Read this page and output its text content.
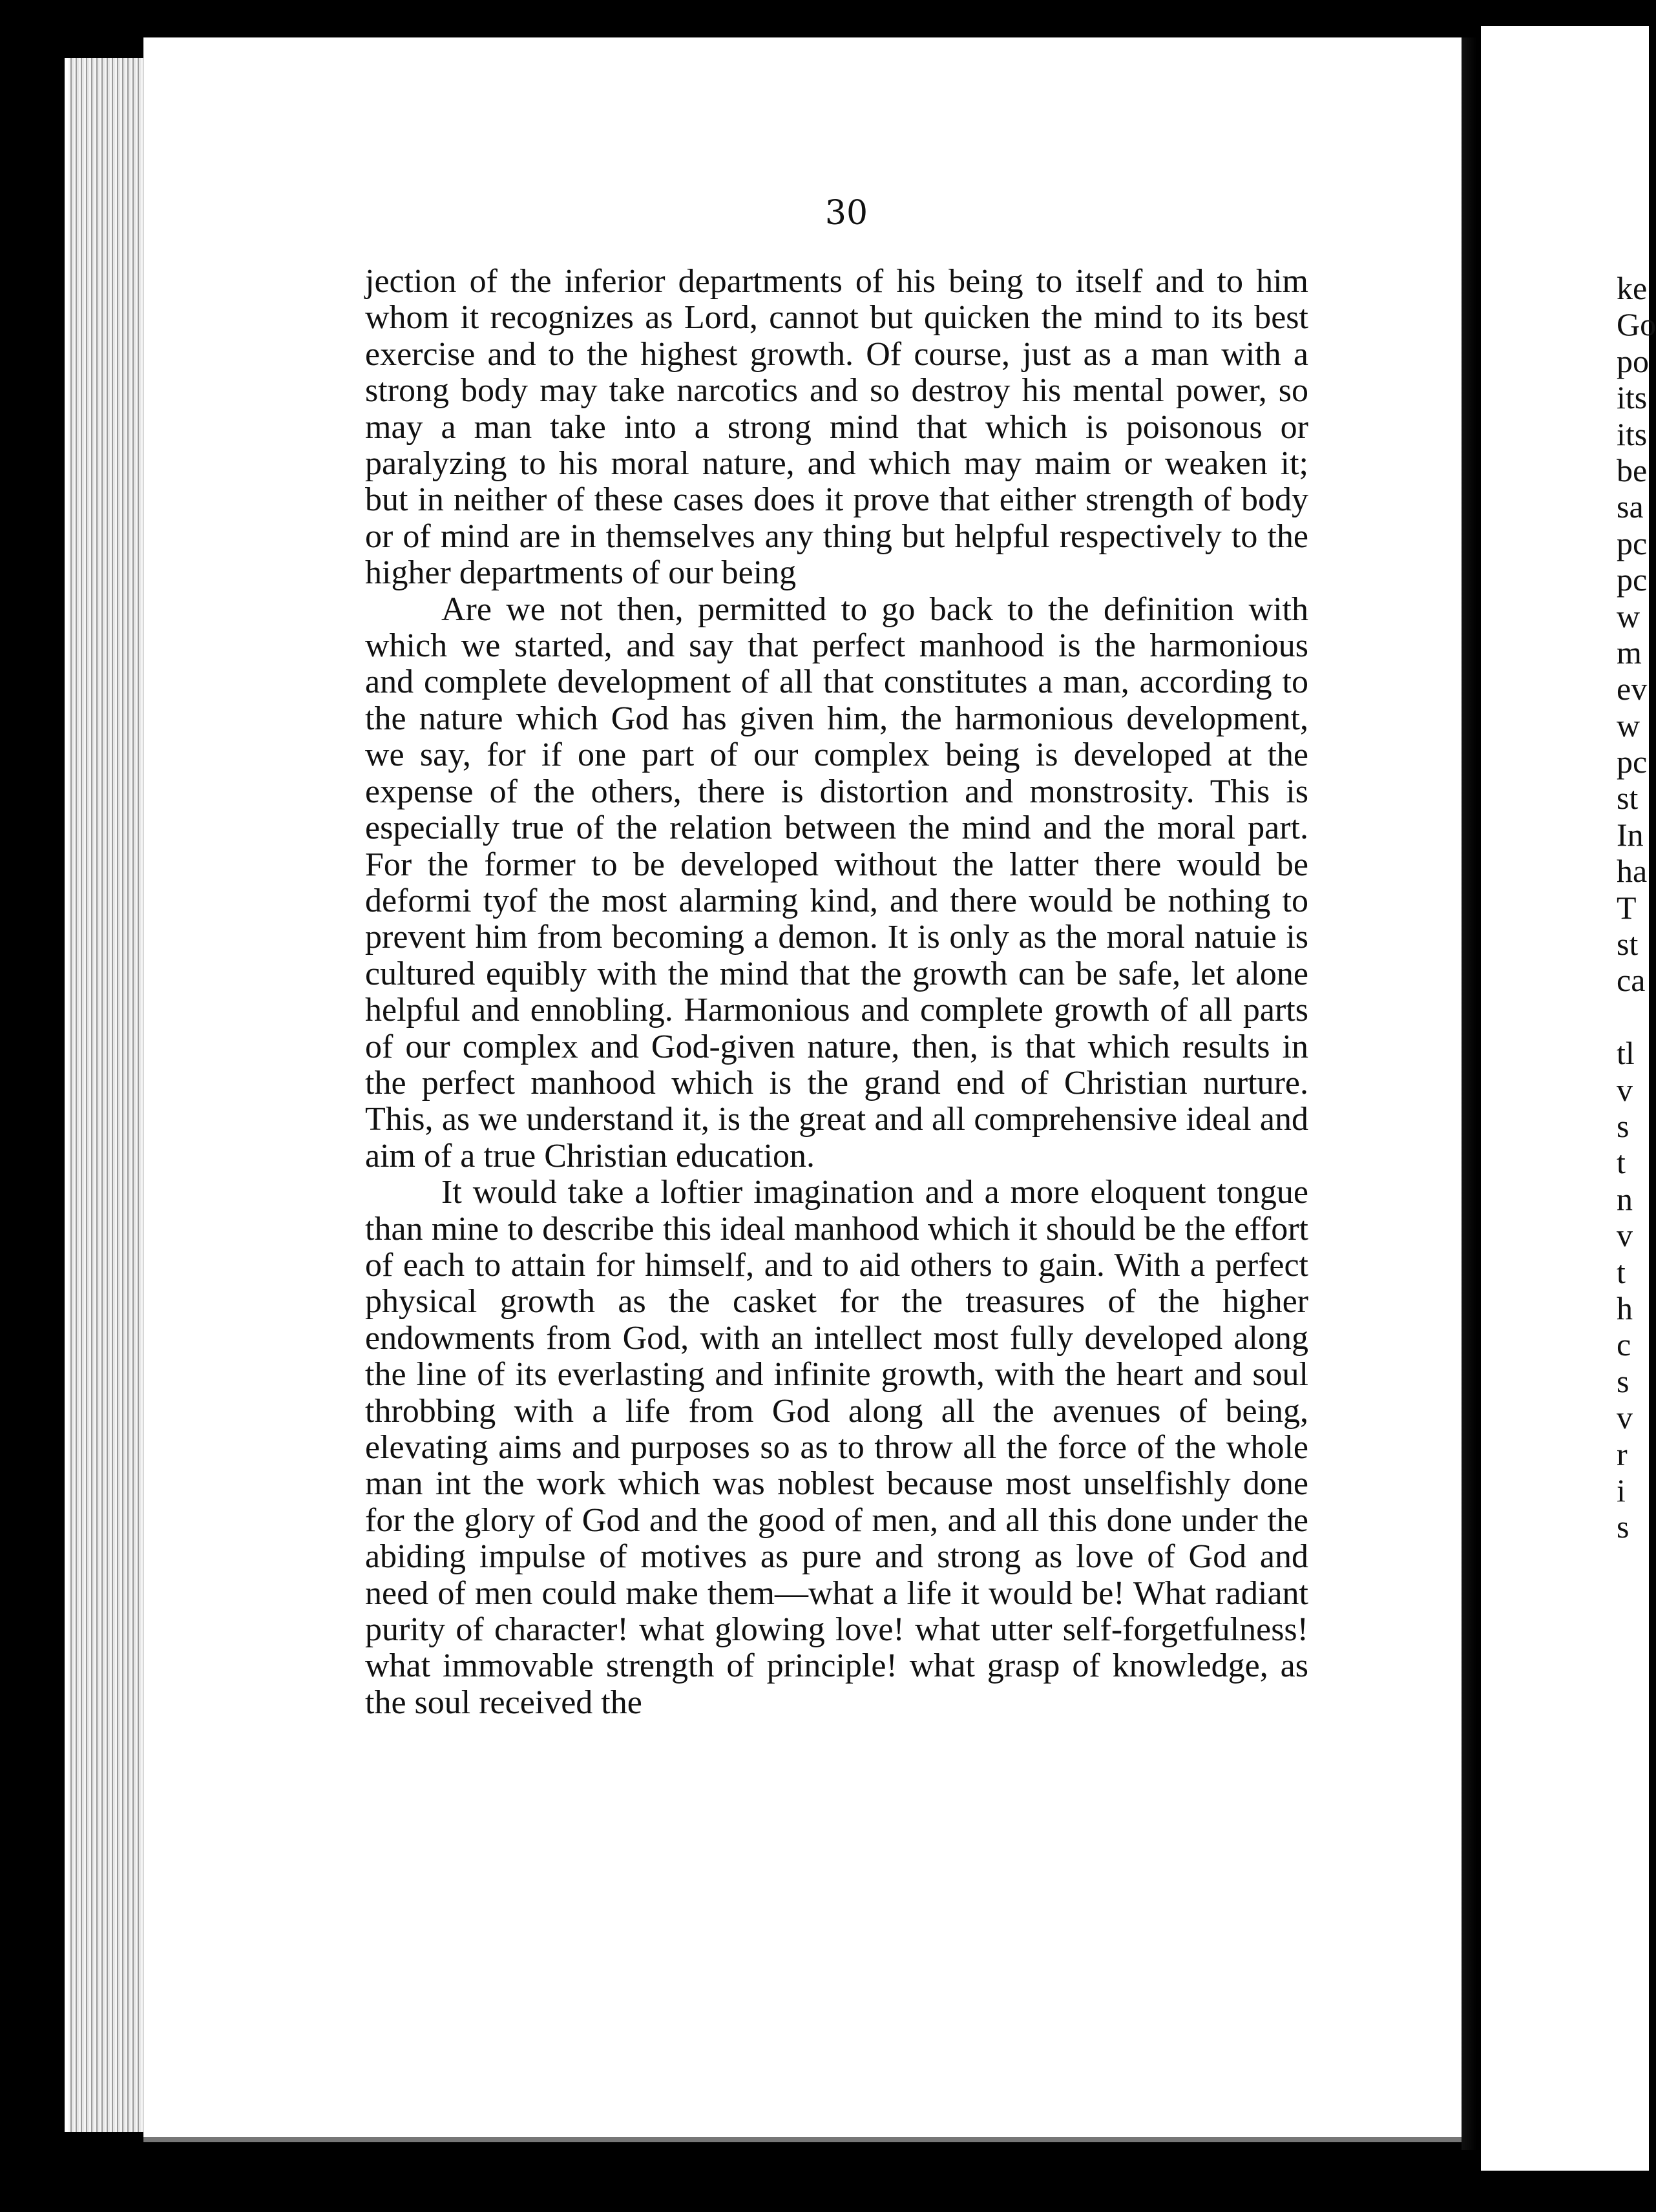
30

jection of the inferior departments of his being to itself and to him whom it recognizes as Lord, cannot but quicken the mind to its best exercise and to the highest growth. Of course, just as a man with a strong body may take narcotics and so destroy his mental power, so may a man take into a strong mind that which is poisonous or paralyzing to his moral nature, and which may maim or weaken it; but in neither of these cases does it prove that either strength of body or of mind are in themselves any thing but helpful respectively to the higher departments of our being

Are we not then, permitted to go back to the definition with which we started, and say that perfect manhood is the harmonious and complete development of all that constitutes a man, according to the nature which God has given him, the harmonious development, we say, for if one part of our complex being is developed at the expense of the others, there is distortion and monstrosity. This is especially true of the relation between the mind and the moral part. For the former to be developed without the latter there would be deformi tyof the most alarming kind, and there would be nothing to prevent him from becoming a demon. It is only as the moral natuie is cultured equibly with the mind that the growth can be safe, let alone helpful and ennobling. Harmonious and complete growth of all parts of our complex and God-given nature, then, is that which results in the perfect manhood which is the grand end of Christian nurture. This, as we understand it, is the great and all comprehensive ideal and aim of a true Christian education.

It would take a loftier imagination and a more eloquent tongue than mine to describe this ideal manhood which it should be the effort of each to attain for himself, and to aid others to gain. With a perfect physical growth as the casket for the treasures of the higher endowments from God, with an intellect most fully developed along the line of its everlasting and infinite growth, with the heart and soul throbbing with a life from God along all the avenues of being, elevating aims and purposes so as to throw all the force of the whole man int the work which was noblest because most unselfishly done for the glory of God and the good of men, and all this done under the abiding impulse of motives as pure and strong as love of God and need of men could make them—what a life it would be! What radiant purity of character! what glowing love! what utter self-forgetfulness! what immovable strength of principle! what grasp of knowledge, as the soul received the

ke
Go
po
its
its
be
sa
pc
pc
w
m
ev
w
pc
st
In
ha
T
st
ca
tl
v
s
t
n
v
t
h
c
s
v
r
i
s
